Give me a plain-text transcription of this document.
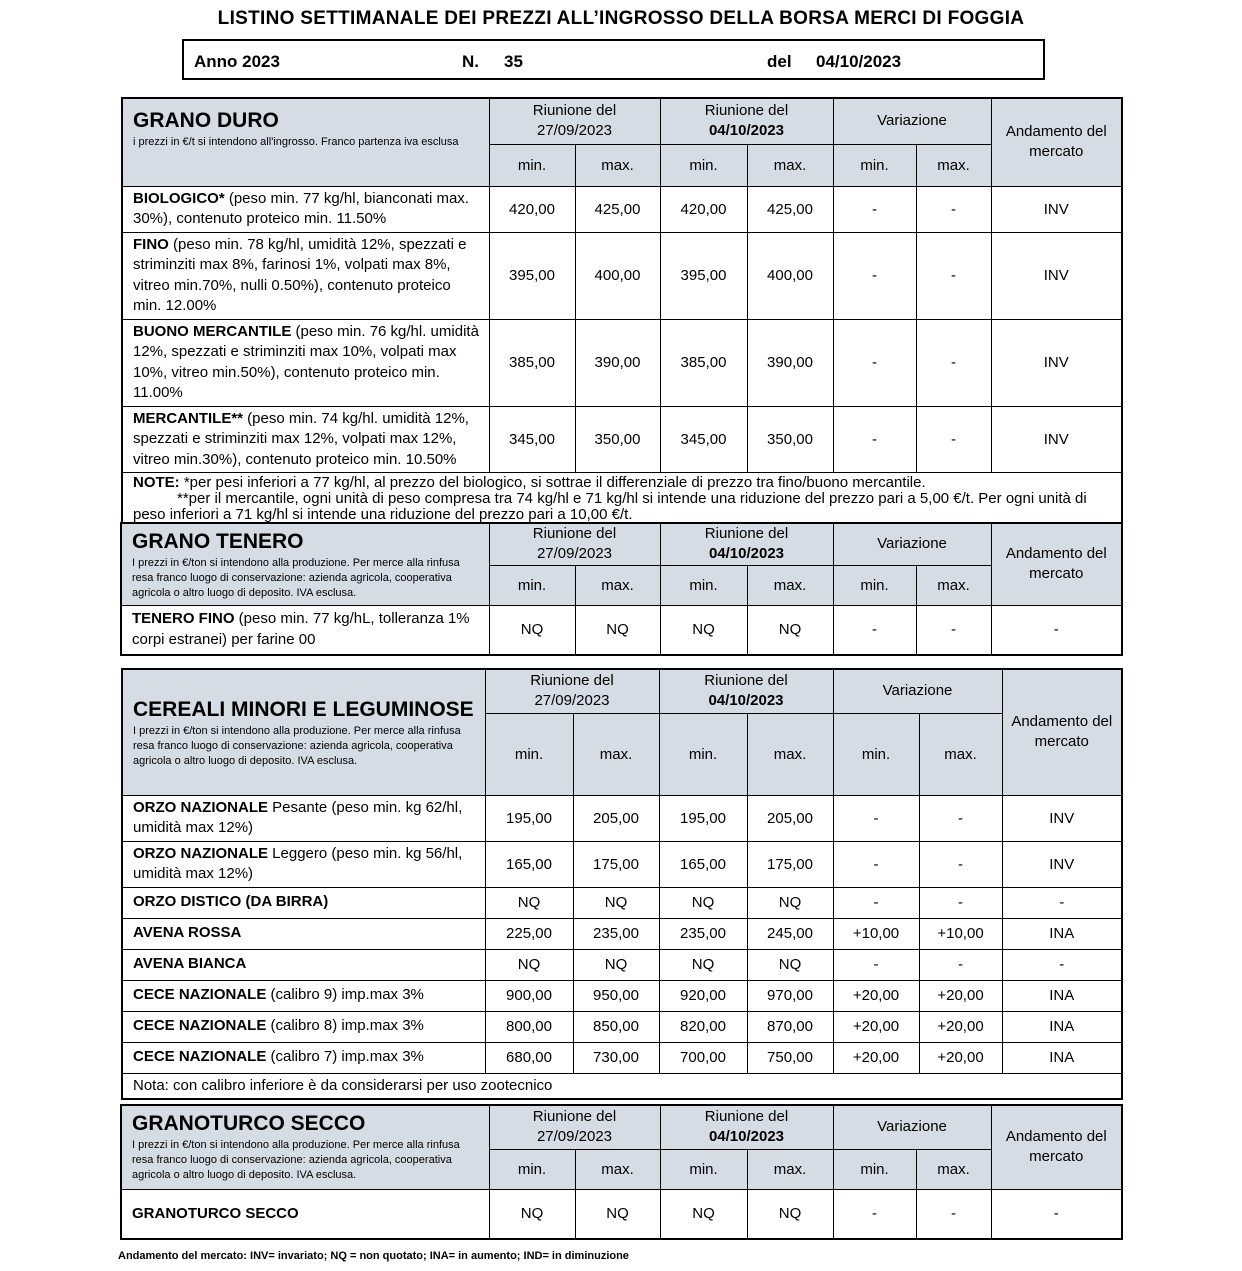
LISTINO SETTIMANALE DEI PREZZI ALL’INGROSSO DELLA BORSA MERCI DI FOGGIA
Anno 2023	N. 35	del 04/10/2023
GRANO DURO
i prezzi in €/t si intendono all'ingrosso. Franco partenza iva esclusa	Riunione del
27/09/2023		Riunione del
04/10/2023		Variazione		Andamento del mercato
	min.	max.	min.	max.	min.	max.	
BIOLOGICO* (peso min. 77 kg/hl, bianconati max. 30%), contenuto proteico min. 11.50%	420,00	425,00	420,00	425,00	-	-	INV
FINO (peso min. 78 kg/hl, umidità 12%, spezzati e striminziti max 8%, farinosi 1%, volpati max 8%, vitreo min.70%, nulli 0.50%), contenuto proteico min. 12.00%	395,00	400,00	395,00	400,00	-	-	INV
BUONO MERCANTILE (peso min. 76 kg/hl. umidità 12%, spezzati e striminziti max 10%, volpati max 10%, vitreo min.50%), contenuto proteico min. 11.00%	385,00	390,00	385,00	390,00	-	-	INV
MERCANTILE** (peso min. 74 kg/hl. umidità 12%, spezzati e striminziti max 12%, volpati max 12%, vitreo min.30%), contenuto proteico min. 10.50%	345,00	350,00	345,00	350,00	-	-	INV
NOTE: *per pesi inferiori a 77 kg/hl, al prezzo del biologico, si sottrae il differenziale di prezzo tra fino/buono mercantile.
**per il mercantile, ogni unità di peso compresa tra 74 kg/hl e 71 kg/hl si intende una riduzione del prezzo pari a 5,00 €/t. Per ogni unità di peso inferiori a 71 kg/hl si intende una riduzione del prezzo pari a 10,00 €/t.							
GRANO TENERO
I prezzi in €/ton si intendono alla produzione. Per merce alla rinfusa resa franco luogo di conservazione: azienda agricola, cooperativa agricola o altro luogo di deposito. IVA esclusa.	Riunione del
27/09/2023		Riunione del
04/10/2023		Variazione		Andamento del mercato
	min.	max.	min.	max.	min.	max.	
TENERO FINO (peso min. 77 kg/hL, tolleranza 1% corpi estranei) per farine 00	NQ	NQ	NQ	NQ	-	-	-
CEREALI MINORI E LEGUMINOSE
I prezzi in €/ton si intendono alla produzione. Per merce alla rinfusa resa franco luogo di conservazione: azienda agricola, cooperativa agricola o altro luogo di deposito. IVA esclusa.	Riunione del
27/09/2023		Riunione del
04/10/2023		Variazione		Andamento del mercato
	min.	max.	min.	max.	min.	max.	
ORZO NAZIONALE Pesante (peso min. kg 62/hl, umidità max 12%)	195,00	205,00	195,00	205,00	-	-	INV
ORZO NAZIONALE Leggero (peso min. kg 56/hl, umidità max 12%)	165,00	175,00	165,00	175,00	-	-	INV
ORZO DISTICO (DA BIRRA)	NQ	NQ	NQ	NQ	-	-	-
AVENA ROSSA	225,00	235,00	235,00	245,00	+10,00	+10,00	INA
AVENA BIANCA	NQ	NQ	NQ	NQ	-	-	-
CECE NAZIONALE (calibro 9) imp.max 3%	900,00	950,00	920,00	970,00	+20,00	+20,00	INA
CECE NAZIONALE (calibro 8) imp.max 3%	800,00	850,00	820,00	870,00	+20,00	+20,00	INA
CECE NAZIONALE (calibro 7) imp.max 3%	680,00	730,00	700,00	750,00	+20,00	+20,00	INA
Nota: con calibro inferiore è da considerarsi per uso zootecnico							
GRANOTURCO SECCO
I prezzi in €/ton si intendono alla produzione. Per merce alla rinfusa resa franco luogo di conservazione: azienda agricola, cooperativa agricola o altro luogo di deposito. IVA esclusa.	Riunione del
27/09/2023		Riunione del
04/10/2023		Variazione		Andamento del mercato
	min.	max.	min.	max.	min.	max.	
GRANOTURCO SECCO	NQ	NQ	NQ	NQ	-	-	-
Andamento del mercato: INV= invariato; NQ = non quotato; INA= in aumento; IND= in diminuzione
